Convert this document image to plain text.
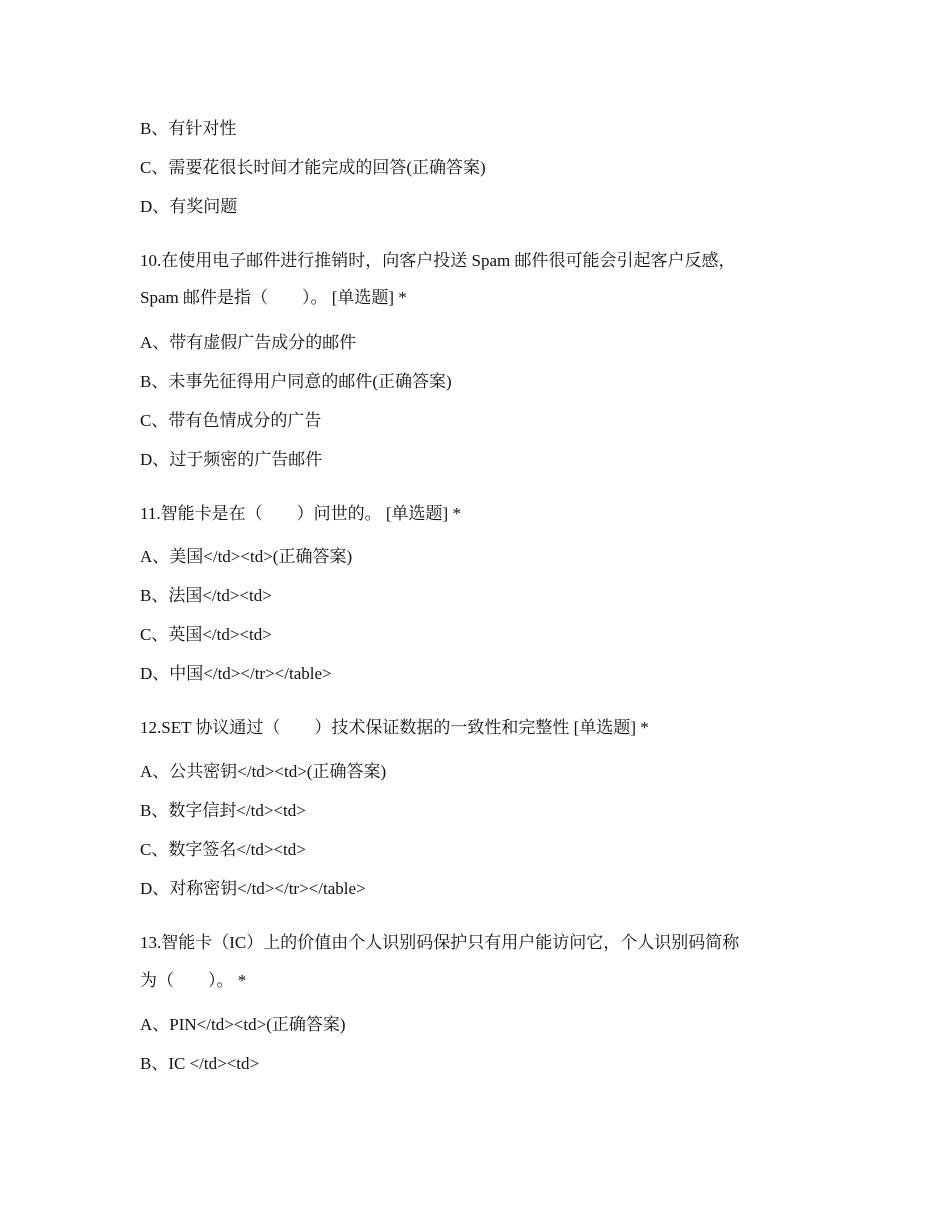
B、有针对性
C、需要花很长时间才能完成的回答(正确答案)
D、有奖问题
10.在使用电子邮件进行推销时，向客户投送 Spam 邮件很可能会引起客户反感，
Spam 邮件是指（　　）。 [单选题] *
A、带有虚假广告成分的邮件
B、未事先征得用户同意的邮件(正确答案)
C、带有色情成分的广告
D、过于频密的广告邮件
11.智能卡是在（　　）问世的。 [单选题] *
A、美国</td><td>(正确答案)
B、法国</td><td>
C、英国</td><td>
D、中国</td></tr></table>
12.SET 协议通过（　　）技术保证数据的一致性和完整性 [单选题] *
A、公共密钥</td><td>(正确答案)
B、数字信封</td><td>
C、数字签名</td><td>
D、对称密钥</td></tr></table>
13.智能卡（IC）上的价值由个人识别码保护只有用户能访问它，个人识别码简称
为（　　）。 *
A、PIN</td><td>(正确答案)
B、IC </td><td>
